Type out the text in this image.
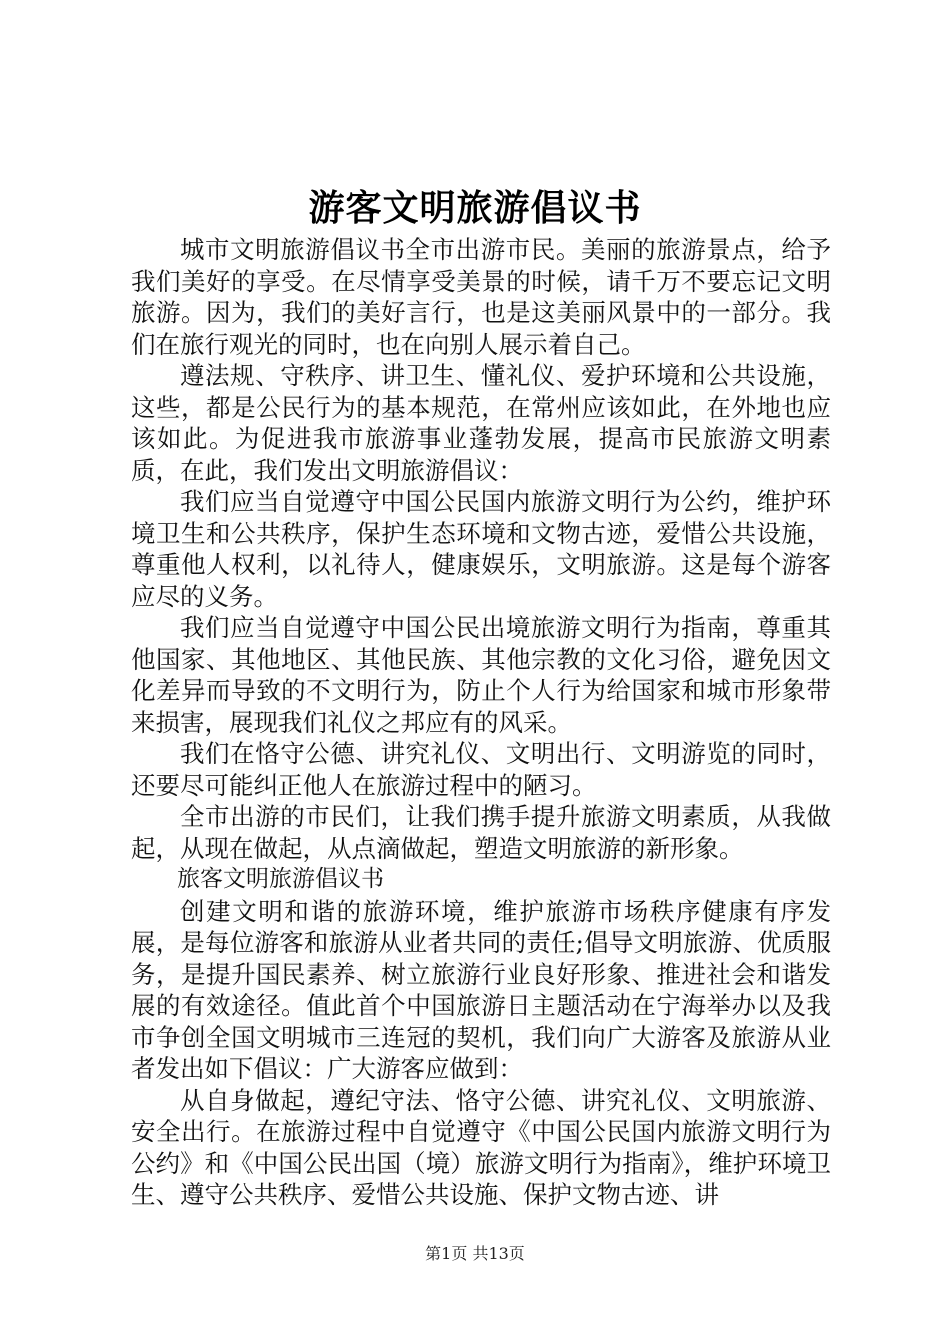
游客文明旅游倡议书

城市文明旅游倡议书全市出游市民。美丽的旅游景点，给予我们美好的享受。在尽情享受美景的时候，请千万不要忘记文明旅游。因为，我们的美好言行，也是这美丽风景中的一部分。我们在旅行观光的同时，也在向别人展示着自己。

遵法规、守秩序、讲卫生、懂礼仪、爱护环境和公共设施，这些，都是公民行为的基本规范，在常州应该如此，在外地也应该如此。为促进我市旅游事业蓬勃发展，提高市民旅游文明素质，在此，我们发出文明旅游倡议：

我们应当自觉遵守中国公民国内旅游文明行为公约，维护环境卫生和公共秩序，保护生态环境和文物古迹，爱惜公共设施，尊重他人权利，以礼待人，健康娱乐，文明旅游。这是每个游客应尽的义务。

我们应当自觉遵守中国公民出境旅游文明行为指南，尊重其他国家、其他地区、其他民族、其他宗教的文化习俗，避免因文化差异而导致的不文明行为，防止个人行为给国家和城市形象带来损害，展现我们礼仪之邦应有的风采。

我们在恪守公德、讲究礼仪、文明出行、文明游览的同时，还要尽可能纠正他人在旅游过程中的陋习。

全市出游的市民们，让我们携手提升旅游文明素质，从我做起，从现在做起，从点滴做起，塑造文明旅游的新形象。

旅客文明旅游倡议书

创建文明和谐的旅游环境，维护旅游市场秩序健康有序发展，是每位游客和旅游从业者共同的责任;倡导文明旅游、优质服务，是提升国民素养、树立旅游行业良好形象、推进社会和谐发展的有效途径。值此首个中国旅游日主题活动在宁海举办以及我市争创全国文明城市三连冠的契机，我们向广大游客及旅游从业者发出如下倡议：广大游客应做到：

从自身做起，遵纪守法、恪守公德、讲究礼仪、文明旅游、安全出行。在旅游过程中自觉遵守《中国公民国内旅游文明行为公约》和《中国公民出国（境）旅游文明行为指南》，维护环境卫生、遵守公共秩序、爱惜公共设施、保护文物古迹、讲

第1页 共13页
